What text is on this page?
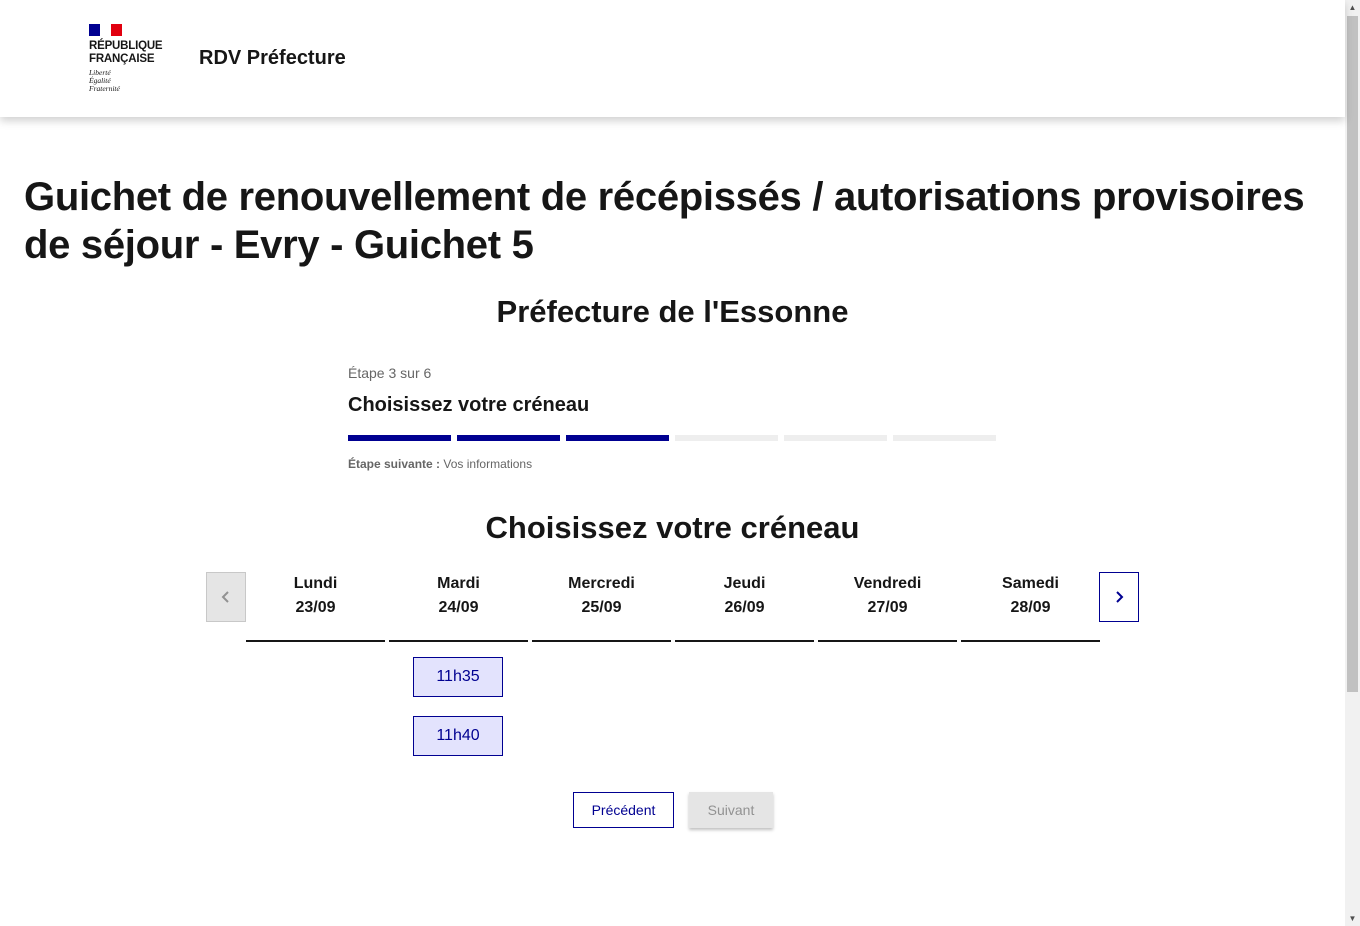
RÉPUBLIQUE
FRANÇAISE
Liberté
Égalité
Fraternité
RDV Préfecture
Guichet de renouvellement de récépissés / autorisations provisoires de séjour - Evry - Guichet 5
Préfecture de l'Essonne
Étape 3 sur 6
Choisissez votre créneau
Étape suivante : Vos informations
Choisissez votre créneau
Lundi
23/09
Mardi
24/09
Mercredi
25/09
Jeudi
26/09
Vendredi
27/09
Samedi
28/09
11h35
11h40
Précédent	Suivant
▲
▼
